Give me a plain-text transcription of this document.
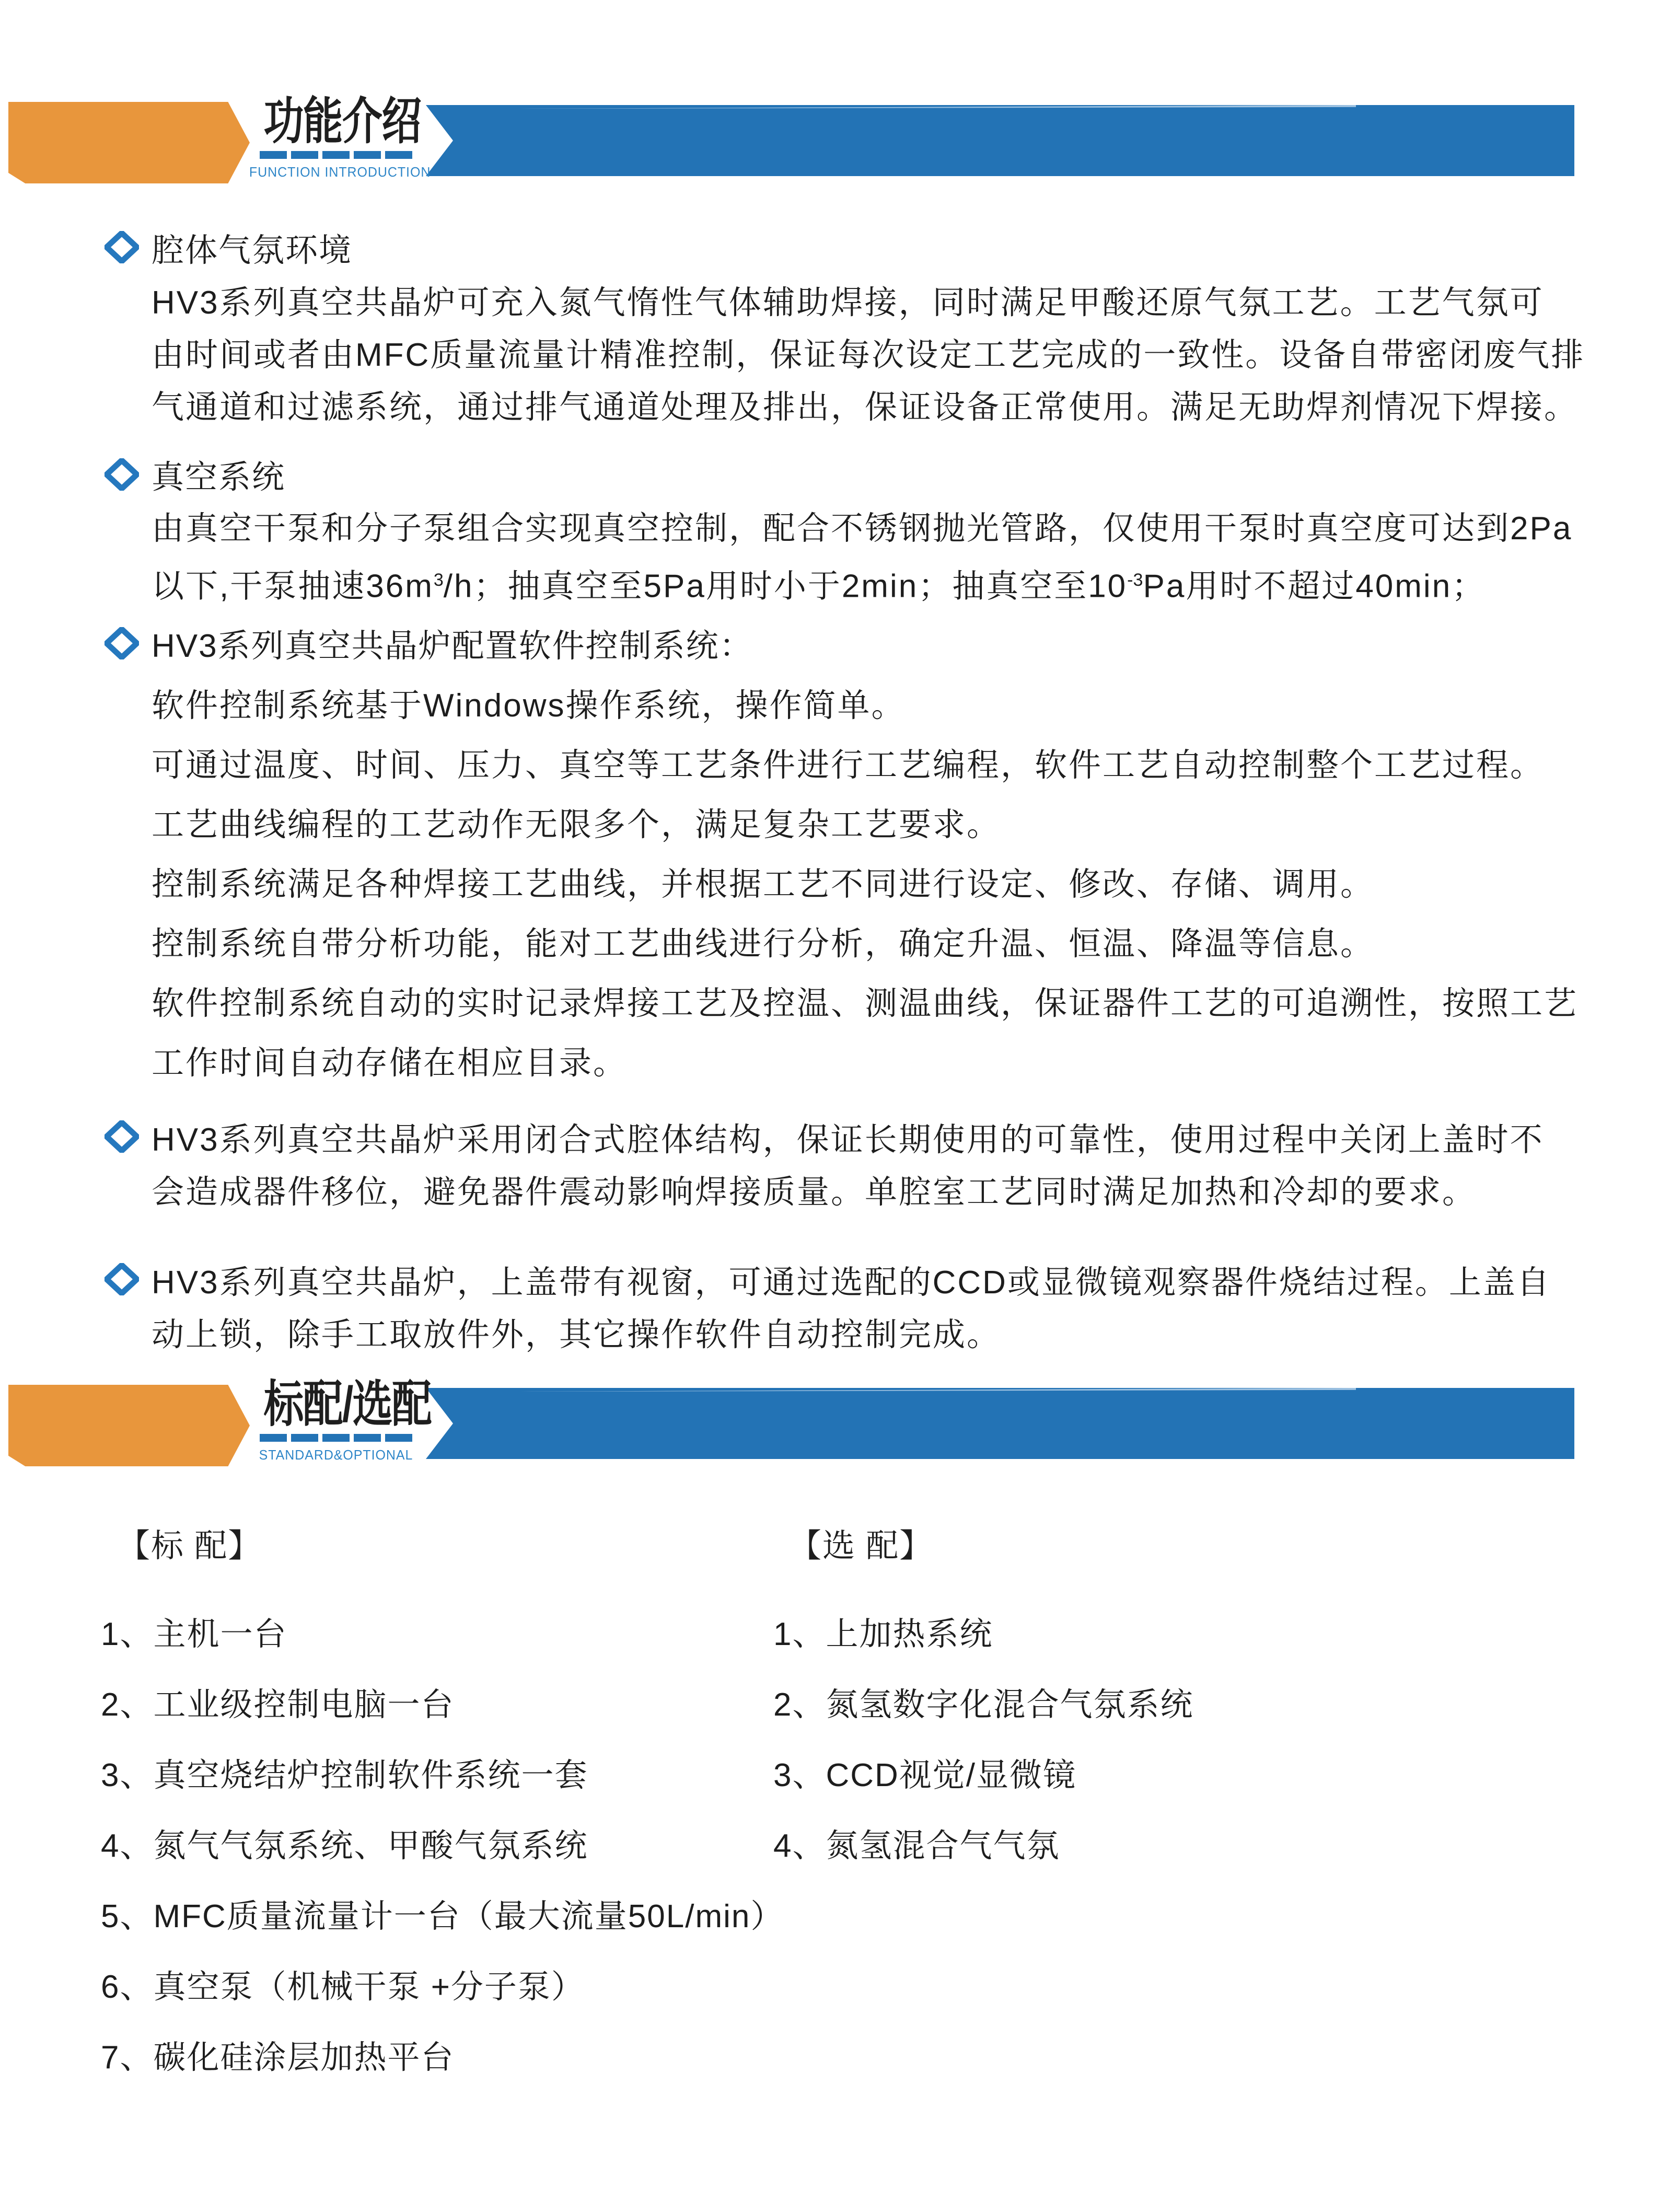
功能介绍
FUNCTION INTRODUCTION
腔体气氛环境
HV3系列真空共晶炉可充入氮气惰性气体辅助焊接，同时满足甲酸还原气氛工艺。工艺气氛可
由时间或者由MFC质量流量计精准控制，保证每次设定工艺完成的一致性。设备自带密闭废气排
气通道和过滤系统，通过排气通道处理及排出，保证设备正常使用。满足无助焊剂情况下焊接。
真空系统
由真空干泵和分子泵组合实现真空控制，配合不锈钢抛光管路，仅使用干泵时真空度可达到2Pa
以下,干泵抽速$36m^3/h$；抽真空至5Pa用时小于2min；抽真空至$10^{-3}Pa$用时不超过40min；
HV3系列真空共晶炉配置软件控制系统：
软件控制系统基于Windows操作系统，操作简单。
可通过温度、时间、压力、真空等工艺条件进行工艺编程，软件工艺自动控制整个工艺过程。
工艺曲线编程的工艺动作无限多个，满足复杂工艺要求。
控制系统满足各种焊接工艺曲线，并根据工艺不同进行设定、修改、存储、调用。
控制系统自带分析功能，能对工艺曲线进行分析，确定升温、恒温、降温等信息。
软件控制系统自动的实时记录焊接工艺及控温、测温曲线，保证器件工艺的可追溯性，按照工艺
工作时间自动存储在相应目录。
HV3系列真空共晶炉采用闭合式腔体结构，保证长期使用的可靠性，使用过程中关闭上盖时不
会造成器件移位，避免器件震动影响焊接质量。单腔室工艺同时满足加热和冷却的要求。
HV3系列真空共晶炉，上盖带有视窗，可通过选配的CCD或显微镜观察器件烧结过程。上盖自
动上锁，除手工取放件外，其它操作软件自动控制完成。
标配/选配
STANDARD&OPTIONAL
【标 配】
1、主机一台
2、工业级控制电脑一台
3、真空烧结炉控制软件系统一套
4、氮气气氛系统、甲酸气氛系统
5、MFC质量流量计一台（最大流量50L/min）
6、真空泵（机械干泵 +分子泵）
7、碳化硅涂层加热平台
【选 配】
1、上加热系统
2、氮氢数字化混合气氛系统
3、CCD视觉/显微镜
4、氮氢混合气气氛
